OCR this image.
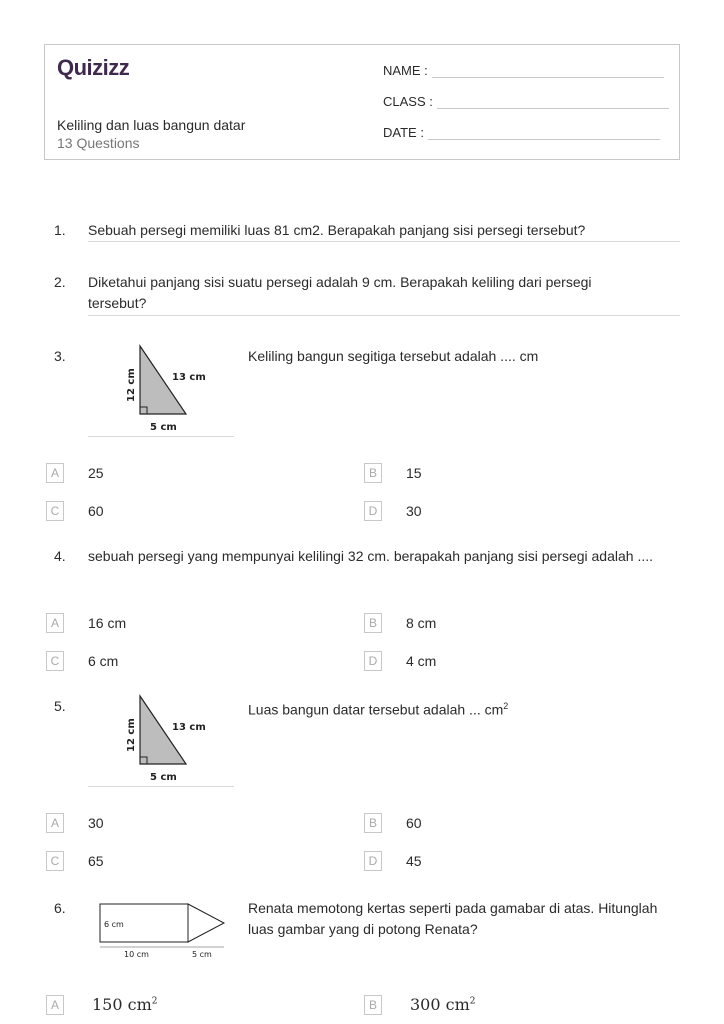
Quizizz
Keliling dan luas bangun datar
13 Questions
NAME :
CLASS :
DATE :
1. Sebuah persegi memiliki luas 81 cm2. Berapakah panjang sisi persegi tersebut?
2. Diketahui panjang sisi suatu persegi adalah 9 cm. Berapakah keliling dari persegi tersebut?
3.
13 cm
12 cm
5 cm
Keliling bangun segitiga tersebut adalah .... cm
A	25	B	15
C	60	D	30
4. sebuah persegi yang mempunyai kelilingi 32 cm. berapakah panjang sisi persegi adalah ....
A	16 cm	B	8 cm
C	6 cm	D	4 cm
5.
13 cm
12 cm
5 cm
Luas bangun datar tersebut adalah ... $cm^2$
A	30	B	60
C	65	D	45
6.
6 cm
10 cm	5 cm
Renata memotong kertas seperti pada gamabar di atas. Hitunglah luas gambar yang di potong Renata?
A	150 $cm^2$	B	300 $cm^2$
